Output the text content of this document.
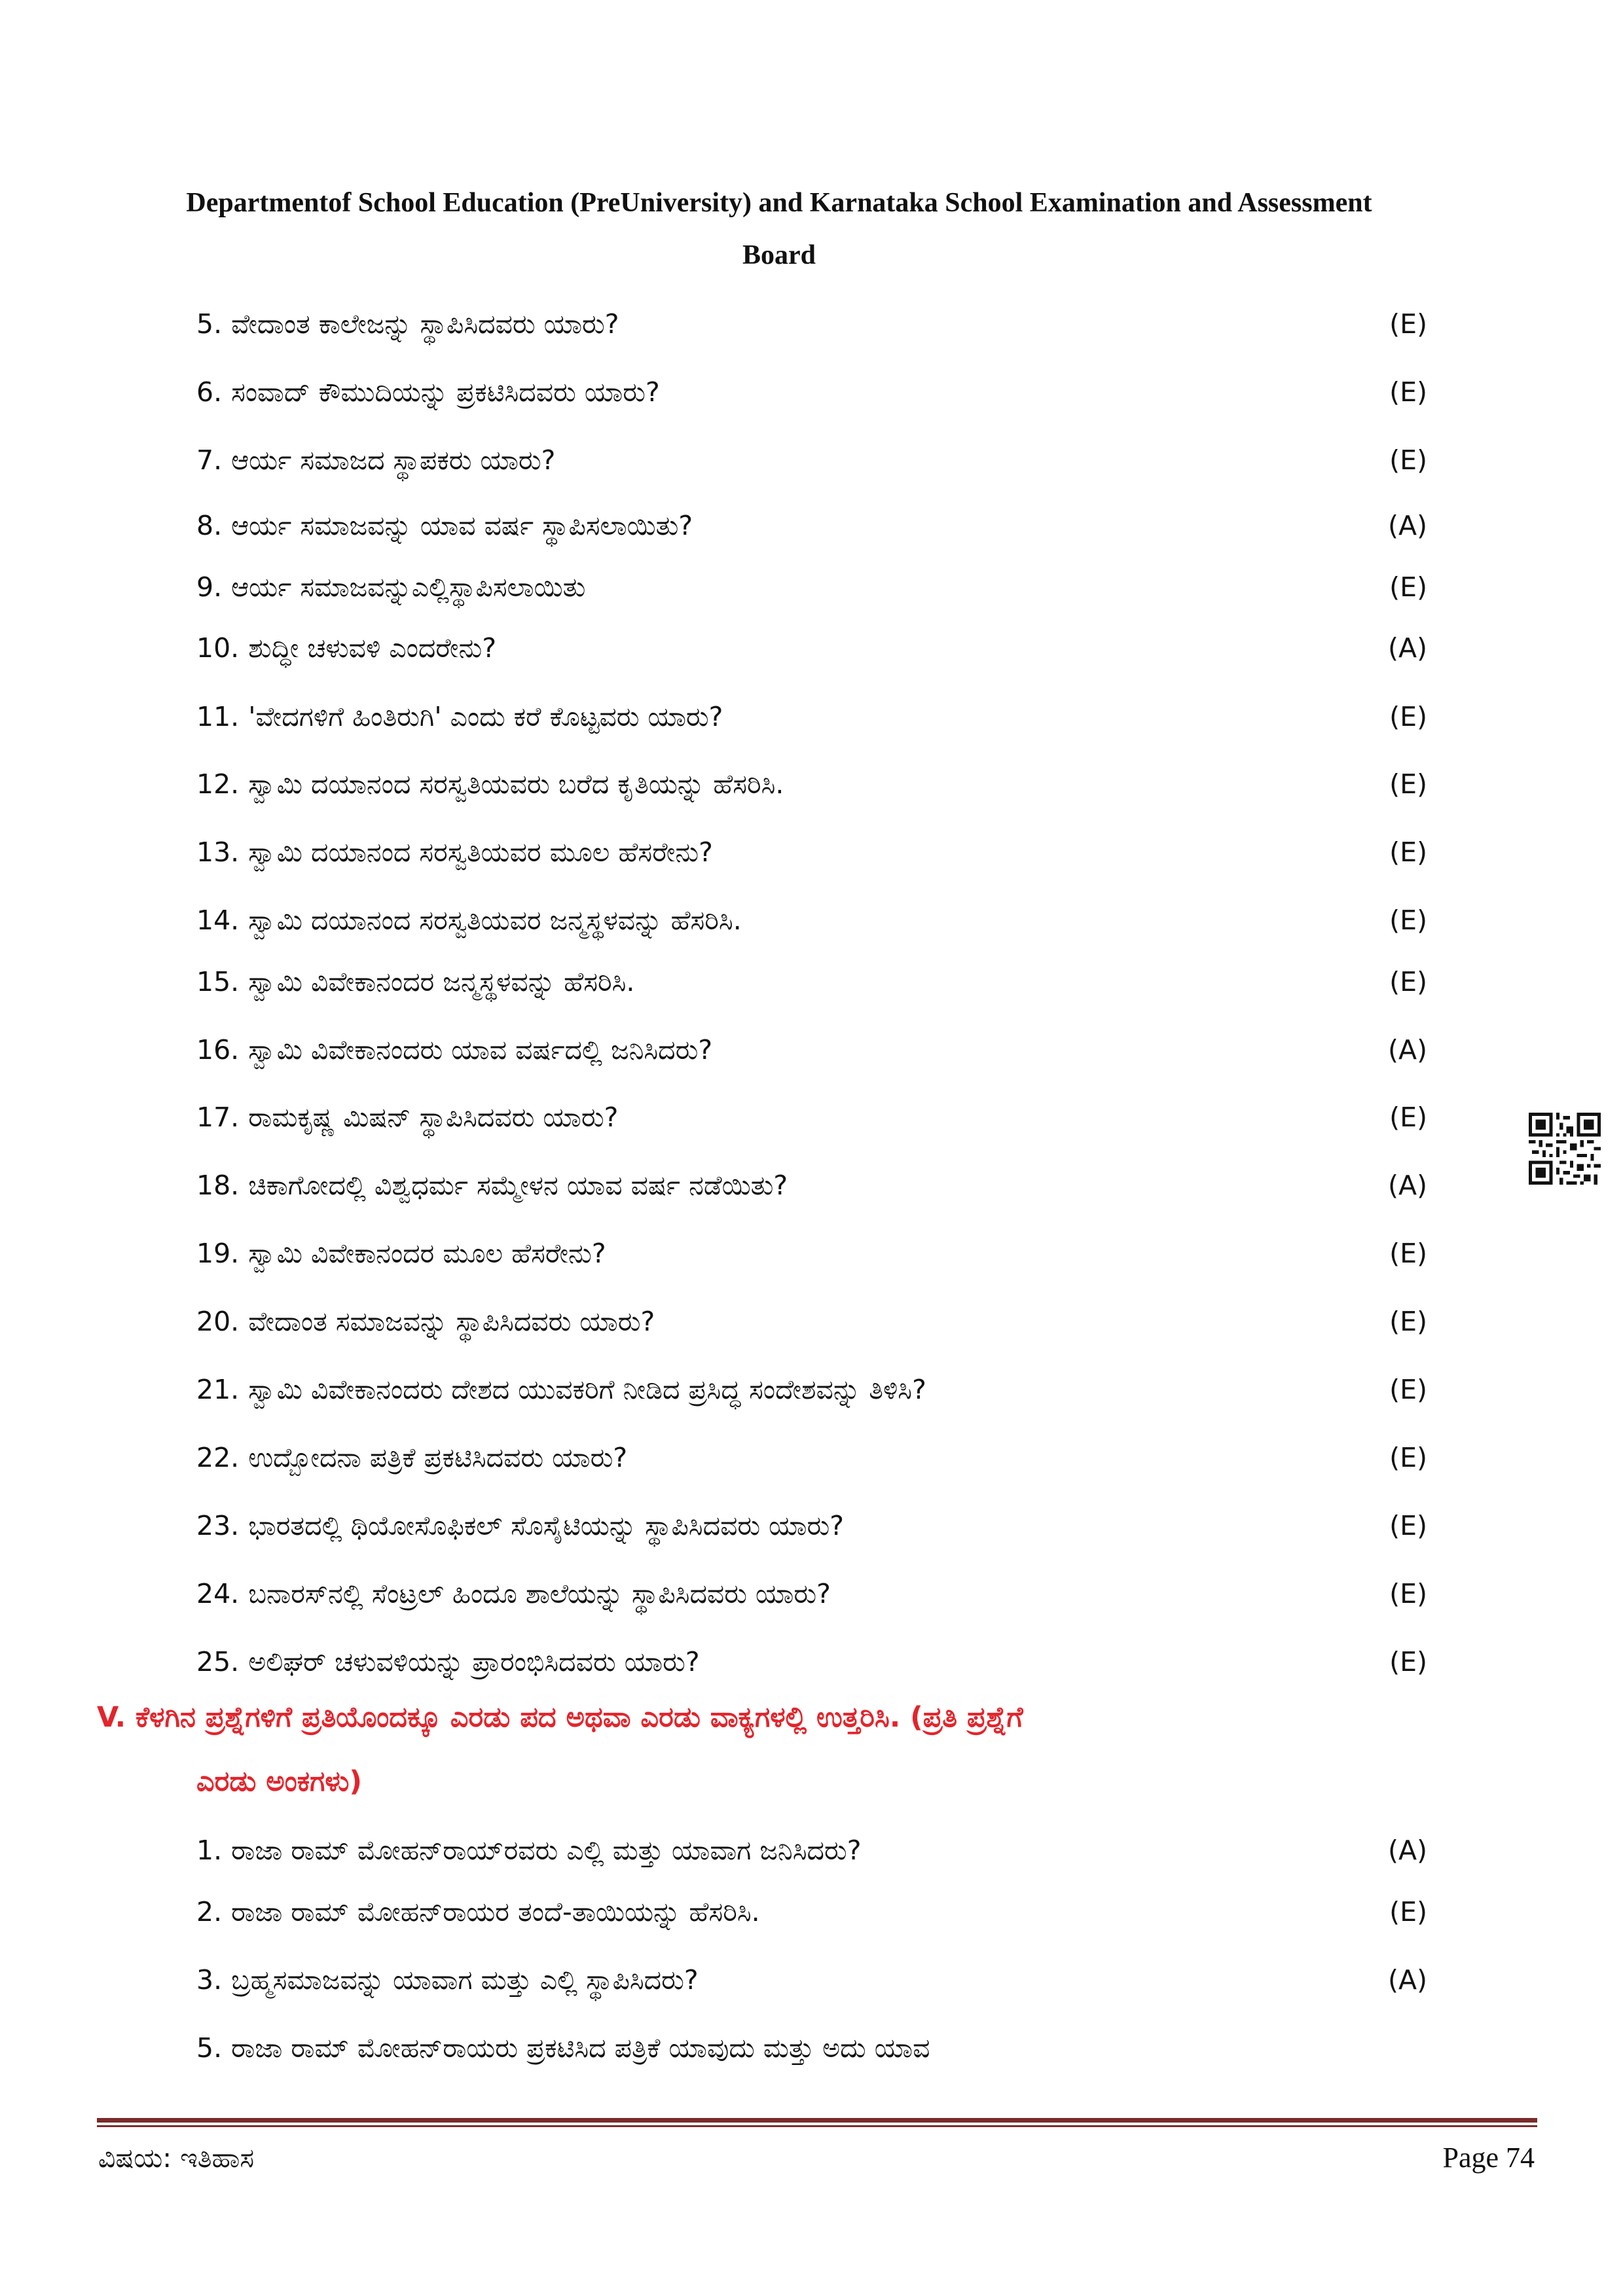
Departmentof School Education (PreUniversity) and Karnataka School Examination and Assessment
Board
5. ವೇದಾಂತ ಕಾಲೇಜನ್ನು ಸ್ಥಾಪಿಸಿದವರು ಯಾರು?	(E)
6. ಸಂವಾದ್ ಕೌಮುದಿಯನ್ನು ಪ್ರಕಟಿಸಿದವರು ಯಾರು?	(E)
7. ಆರ್ಯ ಸಮಾಜದ ಸ್ಥಾಪಕರು ಯಾರು?	(E)
8. ಆರ್ಯ ಸಮಾಜವನ್ನು ಯಾವ ವರ್ಷ ಸ್ಥಾಪಿಸಲಾಯಿತು?	(A)
9. ಆರ್ಯ ಸಮಾಜವನ್ನುಎಲ್ಲಿಸ್ಥಾಪಿಸಲಾಯಿತು	(E)
10. ಶುದ್ಧೀ ಚಳುವಳಿ ಎಂದರೇನು?	(A)
11. 'ವೇದಗಳಿಗೆ ಹಿಂತಿರುಗಿ' ಎಂದು ಕರೆ ಕೊಟ್ಟವರು ಯಾರು?	(E)
12. ಸ್ವಾಮಿ ದಯಾನಂದ ಸರಸ್ವತಿಯವರು ಬರೆದ ಕೃತಿಯನ್ನು ಹೆಸರಿಸಿ.	(E)
13. ಸ್ವಾಮಿ ದಯಾನಂದ ಸರಸ್ವತಿಯವರ ಮೂಲ ಹೆಸರೇನು?	(E)
14. ಸ್ವಾಮಿ ದಯಾನಂದ ಸರಸ್ವತಿಯವರ ಜನ್ಮಸ್ಥಳವನ್ನು ಹೆಸರಿಸಿ.	(E)
15. ಸ್ವಾಮಿ ವಿವೇಕಾನಂದರ ಜನ್ಮಸ್ಥಳವನ್ನು ಹೆಸರಿಸಿ.	(E)
16. ಸ್ವಾಮಿ ವಿವೇಕಾನಂದರು ಯಾವ ವರ್ಷದಲ್ಲಿ ಜನಿಸಿದರು?	(A)
17. ರಾಮಕೃಷ್ಣ ಮಿಷನ್ ಸ್ಥಾಪಿಸಿದವರು ಯಾರು?	(E)
18. ಚಿಕಾಗೋದಲ್ಲಿ ವಿಶ್ವಧರ್ಮ ಸಮ್ಮೇಳನ ಯಾವ ವರ್ಷ ನಡೆಯಿತು?	(A)
19. ಸ್ವಾಮಿ ವಿವೇಕಾನಂದರ ಮೂಲ ಹೆಸರೇನು?	(E)
20. ವೇದಾಂತ ಸಮಾಜವನ್ನು ಸ್ಥಾಪಿಸಿದವರು ಯಾರು?	(E)
21. ಸ್ವಾಮಿ ವಿವೇಕಾನಂದರು ದೇಶದ ಯುವಕರಿಗೆ ನೀಡಿದ ಪ್ರಸಿದ್ಧ ಸಂದೇಶವನ್ನು ತಿಳಿಸಿ?	(E)
22. ಉದ್ಬೋದನಾ ಪತ್ರಿಕೆ ಪ್ರಕಟಿಸಿದವರು ಯಾರು?	(E)
23. ಭಾರತದಲ್ಲಿ ಥಿಯೋಸೊಫಿಕಲ್ ಸೊಸೈಟಿಯನ್ನು ಸ್ಥಾಪಿಸಿದವರು ಯಾರು?	(E)
24. ಬನಾರಸ್‌ನಲ್ಲಿ ಸೆಂಟ್ರಲ್ ಹಿಂದೂ ಶಾಲೆಯನ್ನು ಸ್ಥಾಪಿಸಿದವರು ಯಾರು?	(E)
25. ಅಲಿಘರ್ ಚಳುವಳಿಯನ್ನು ಪ್ರಾರಂಭಿಸಿದವರು ಯಾರು?	(E)
V. ಕೆಳಗಿನ ಪ್ರಶ್ನೆಗಳಿಗೆ ಪ್ರತಿಯೊಂದಕ್ಕೂ ಎರಡು ಪದ ಅಥವಾ ಎರಡು ವಾಕ್ಯಗಳಲ್ಲಿ ಉತ್ತರಿಸಿ. (ಪ್ರತಿ ಪ್ರಶ್ನೆಗೆ
ಎರಡು ಅಂಕಗಳು)
1. ರಾಜಾ ರಾಮ್ ಮೋಹನ್‌ರಾಯ್‌ರವರು ಎಲ್ಲಿ ಮತ್ತು ಯಾವಾಗ ಜನಿಸಿದರು?	(A)
2. ರಾಜಾ ರಾಮ್ ಮೋಹನ್‌ರಾಯರ ತಂದೆ-ತಾಯಿಯನ್ನು ಹೆಸರಿಸಿ.	(E)
3. ಬ್ರಹ್ಮಸಮಾಜವನ್ನು ಯಾವಾಗ ಮತ್ತು ಎಲ್ಲಿ ಸ್ಥಾಪಿಸಿದರು?	(A)
5. ರಾಜಾ ರಾಮ್ ಮೋಹನ್‌ರಾಯರು ಪ್ರಕಟಿಸಿದ ಪತ್ರಿಕೆ ಯಾವುದು ಮತ್ತು ಅದು ಯಾವ
ವಿಷಯ: ಇತಿಹಾಸ	Page 74
